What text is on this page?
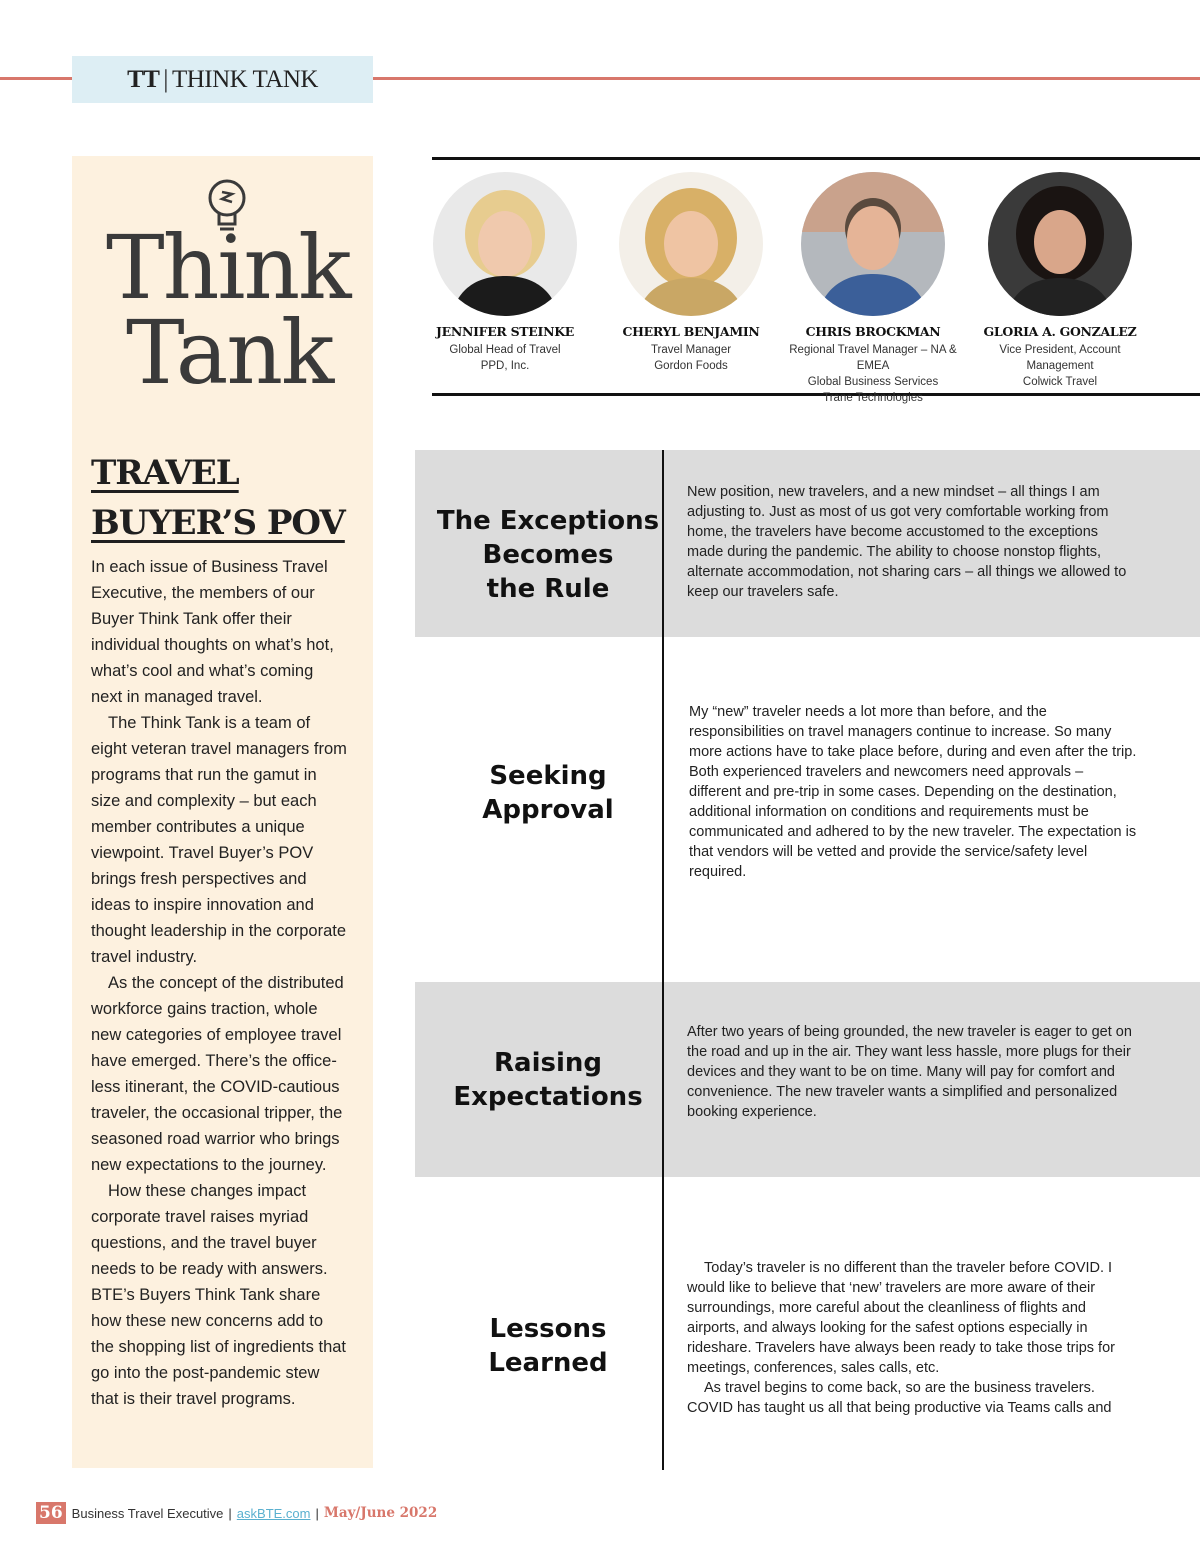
TT | THINK TANK
Think
Tank
TRAVEL
BUYER’S POV

In each issue of Business Travel Executive, the members of our Buyer Think Tank offer their individual thoughts on what’s hot, what’s cool and what’s coming next in managed travel.

The Think Tank is a team of eight veteran travel managers from programs that run the gamut in size and complexity – but each member contributes a unique viewpoint. Travel Buyer’s POV brings fresh perspectives and ideas to inspire innovation and thought leadership in the corporate travel industry.

As the concept of the distributed workforce gains traction, whole new categories of employee travel have emerged. There’s the office-less itinerant, the COVID-cautious traveler, the occasional tripper, the seasoned road warrior who brings new expectations to the journey.

How these changes impact corporate travel raises myriad questions, and the travel buyer needs to be ready with answers. BTE’s Buyers Think Tank share how these new concerns add to the shopping list of ingredients that go into the post-pandemic stew that is their travel programs.

JENNIFER STEINKE
Global Head of Travel
PPD, Inc.
CHERYL BENJAMIN
Travel Manager
Gordon Foods
CHRIS BROCKMAN
Regional Travel Manager – NA & EMEA
Global Business Services
Trane Technologies
GLORIA A. GONZALEZ
Vice President, Account
Management
Colwick Travel
The Exceptions
Becomes
the Rule

New position, new travelers, and a new mindset – all things I am adjusting to. Just as most of us got very comfortable working from home, the travelers have become accustomed to the exceptions made during the pandemic. The ability to choose nonstop flights, alternate accommodation, not sharing cars – all things we allowed to keep our travelers safe.

Seeking
Approval

My “new” traveler needs a lot more than before, and the responsibilities on travel managers continue to increase. So many more actions have to take place before, during and even after the trip. Both experienced travelers and newcomers need approvals – different and pre-trip in some cases. Depending on the destination, additional information on conditions and requirements must be communicated and adhered to by the new traveler. The expectation is that vendors will be vetted and provide the service/safety level required.

Raising
Expectations

After two years of being grounded, the new traveler is eager to get on the road and up in the air. They want less hassle, more plugs for their devices and they want to be on time. Many will pay for comfort and convenience. The new traveler wants a simplified and personalized booking experience.

Lessons
Learned

Today’s traveler is no different than the traveler before COVID. I would like to believe that ‘new’ travelers are more aware of their surroundings, more careful about the cleanliness of flights and airports, and always looking for the safest options especially in rideshare. Travelers have always been ready to take those trips for meetings, conferences, sales calls, etc.

As travel begins to come back, so are the business travelers. COVID has taught us all that being productive via Teams calls and

56 Business Travel Executive | askBTE.com | May/June 2022
